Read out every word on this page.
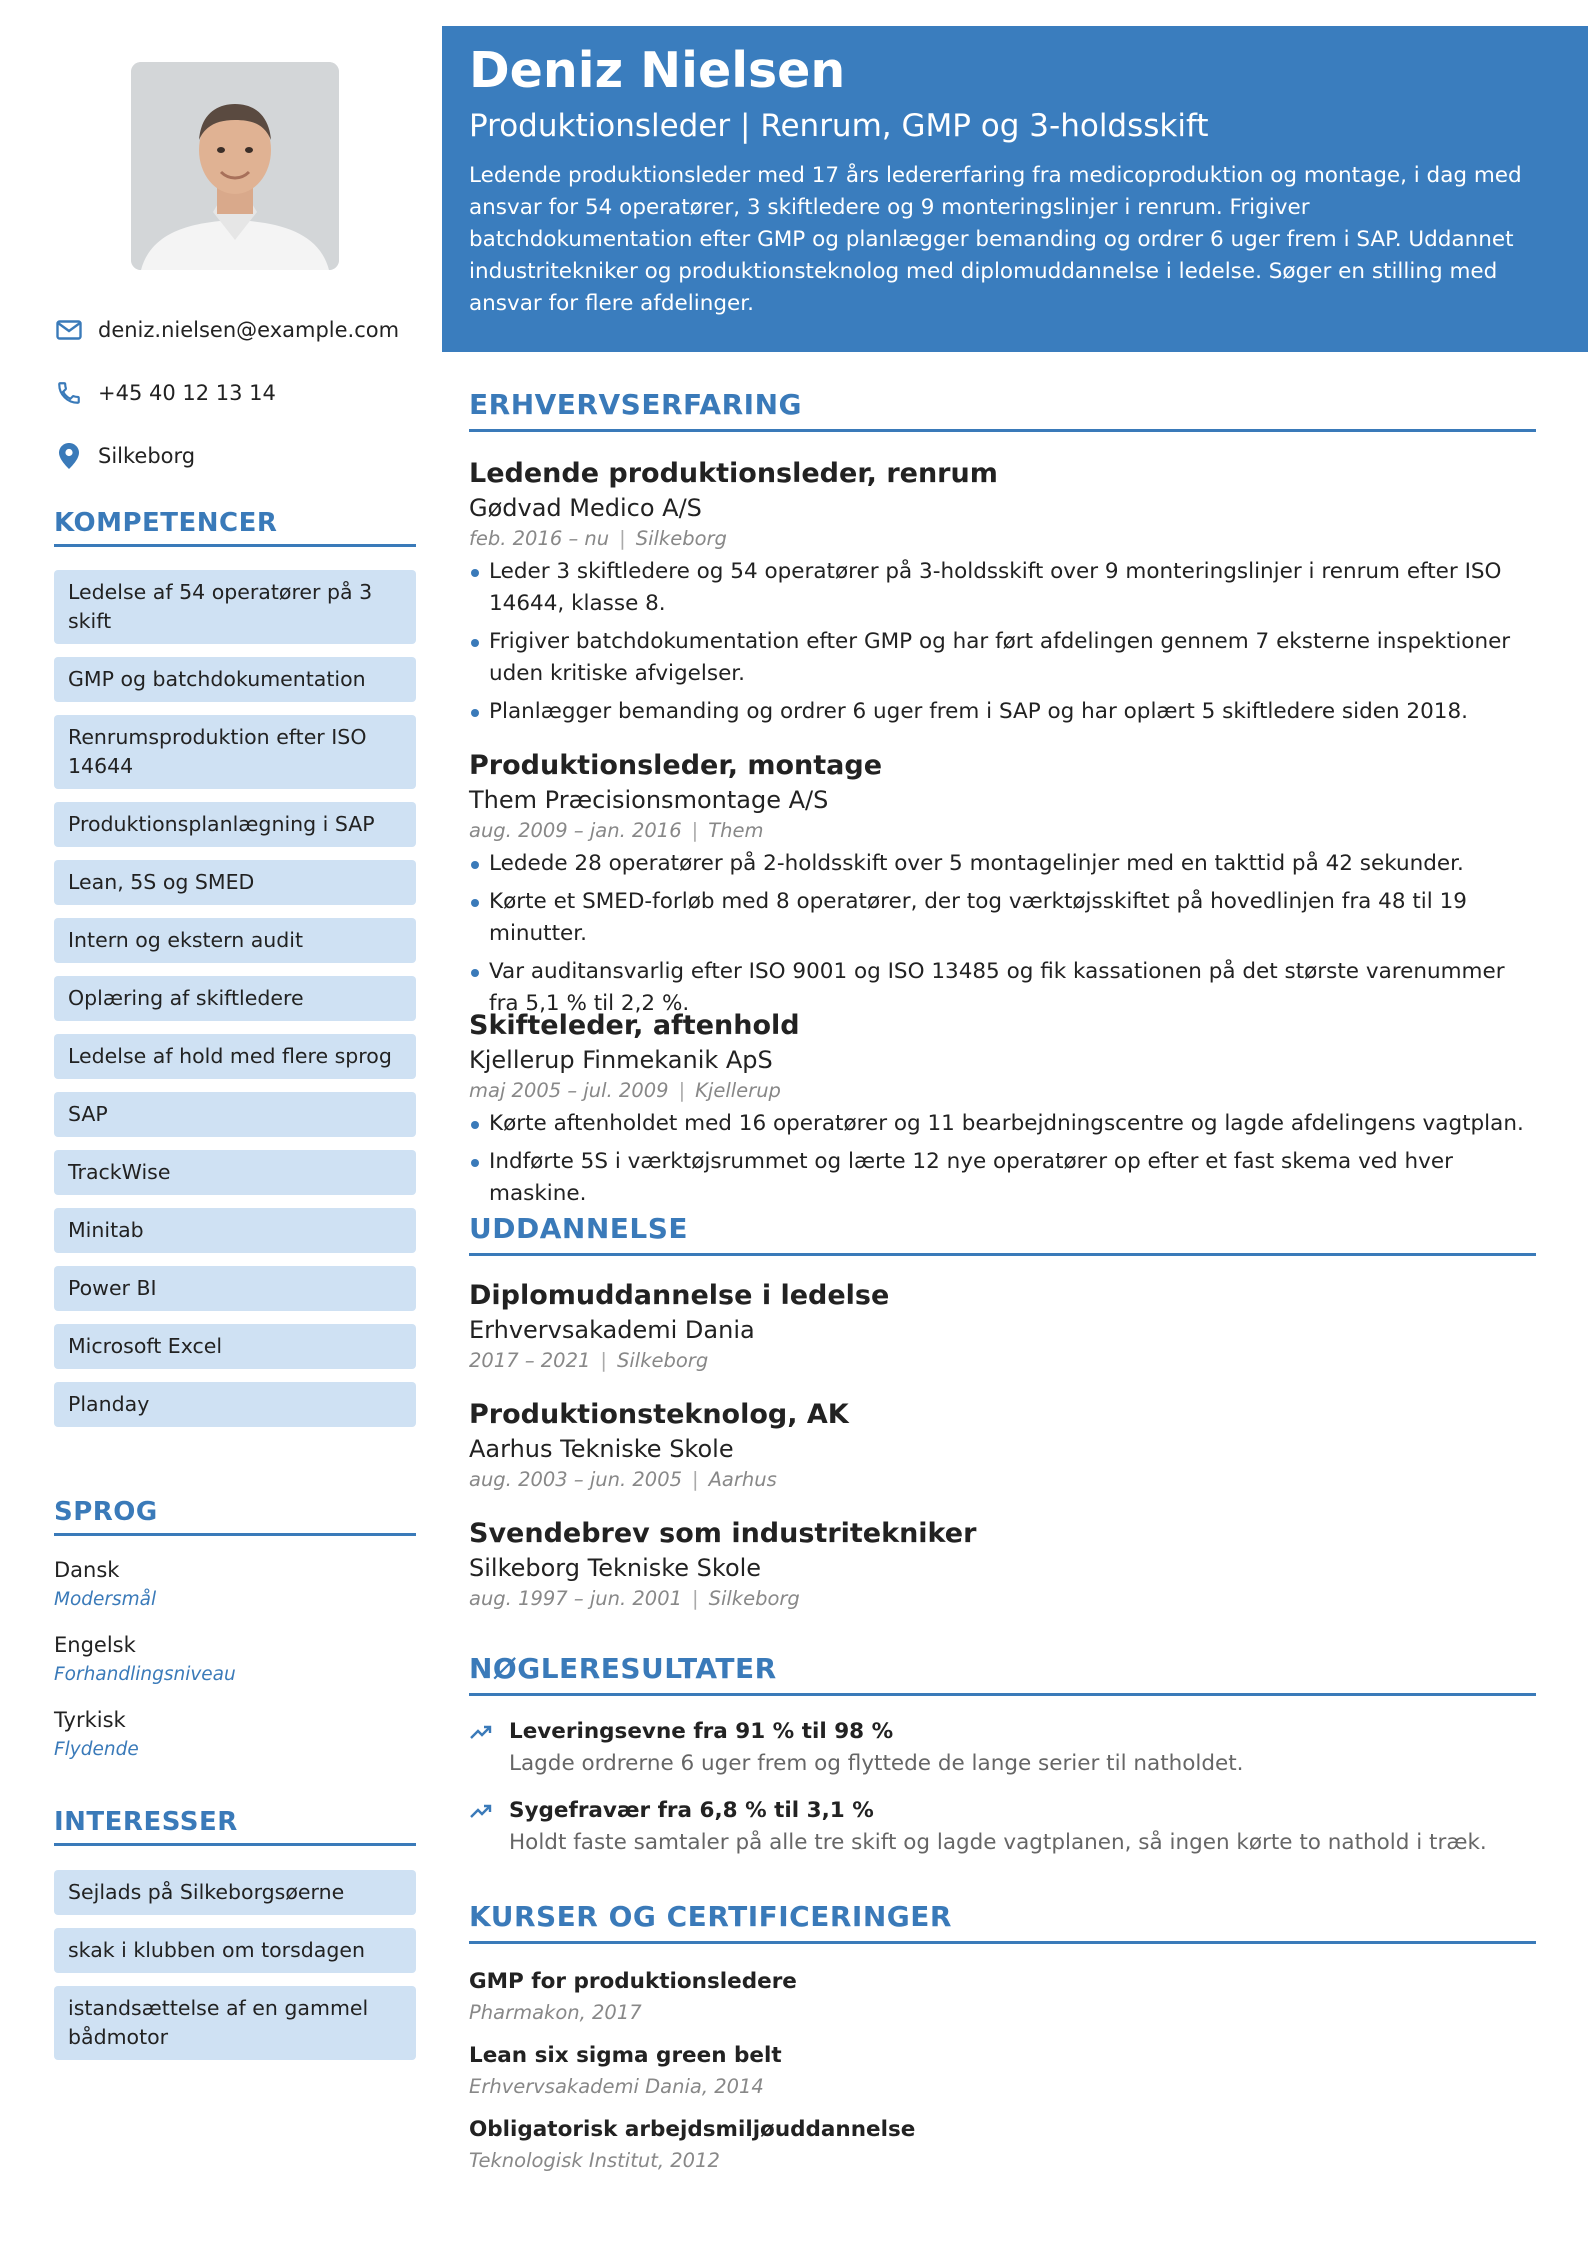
deniz.nielsen@example.com
+45 40 12 13 14
Silkeborg
KOMPETENCER
Ledelse af 54 operatører på 3 skift
GMP og batchdokumentation
Renrumsproduktion efter ISO 14644
Produktionsplanlægning i SAP
Lean, 5S og SMED
Intern og ekstern audit
Oplæring af skiftledere
Ledelse af hold med flere sprog
SAP
TrackWise
Minitab
Power BI
Microsoft Excel
Planday
SPROG
Dansk
Modersmål
Engelsk
Forhandlingsniveau
Tyrkisk
Flydende
INTERESSER
Sejlads på Silkeborgsøerne
skak i klubben om torsdagen
istandsættelse af en gammel bådmotor
Deniz Nielsen
Produktionsleder | Renrum, GMP og 3-holdsskift
Ledende produktionsleder med 17 års ledererfaring fra medicoproduktion og montage, i dag med ansvar for 54 operatører, 3 skiftledere og 9 monteringslinjer i renrum. Frigiver batchdokumentation efter GMP og planlægger bemanding og ordrer 6 uger frem i SAP. Uddannet industritekniker og produktionsteknolog med diplomuddannelse i ledelse. Søger en stilling med ansvar for flere afdelinger.
ERHVERVSERFARING
Ledende produktionsleder, renrum
Gødvad Medico A/S
feb. 2016 – nu | Silkeborg
Leder 3 skiftledere og 54 operatører på 3-holdsskift over 9 monteringslinjer i renrum efter ISO 14644, klasse 8.
Frigiver batchdokumentation efter GMP og har ført afdelingen gennem 7 eksterne inspektioner uden kritiske afvigelser.
Planlægger bemanding og ordrer 6 uger frem i SAP og har oplært 5 skiftledere siden 2018.
Produktionsleder, montage
Them Præcisionsmontage A/S
aug. 2009 – jan. 2016 | Them
Ledede 28 operatører på 2-holdsskift over 5 montagelinjer med en takttid på 42 sekunder.
Kørte et SMED-forløb med 8 operatører, der tog værktøjsskiftet på hovedlinjen fra 48 til 19 minutter.
Var auditansvarlig efter ISO 9001 og ISO 13485 og fik kassationen på det største varenummer fra 5,1 % til 2,2 %.
Skifteleder, aftenhold
Kjellerup Finmekanik ApS
maj 2005 – jul. 2009 | Kjellerup
Kørte aftenholdet med 16 operatører og 11 bearbejdningscentre og lagde afdelingens vagtplan.
Indførte 5S i værktøjsrummet og lærte 12 nye operatører op efter et fast skema ved hver maskine.
UDDANNELSE
Diplomuddannelse i ledelse
Erhvervsakademi Dania
2017 – 2021 | Silkeborg
Produktionsteknolog, AK
Aarhus Tekniske Skole
aug. 2003 – jun. 2005 | Aarhus
Svendebrev som industritekniker
Silkeborg Tekniske Skole
aug. 1997 – jun. 2001 | Silkeborg
NØGLERESULTATER
Leveringsevne fra 91 % til 98 %
Lagde ordrerne 6 uger frem og flyttede de lange serier til natholdet.
Sygefravær fra 6,8 % til 3,1 %
Holdt faste samtaler på alle tre skift og lagde vagtplanen, så ingen kørte to nathold i træk.
KURSER OG CERTIFICERINGER
GMP for produktionsledere
Pharmakon, 2017
Lean six sigma green belt
Erhvervsakademi Dania, 2014
Obligatorisk arbejdsmiljøuddannelse
Teknologisk Institut, 2012
